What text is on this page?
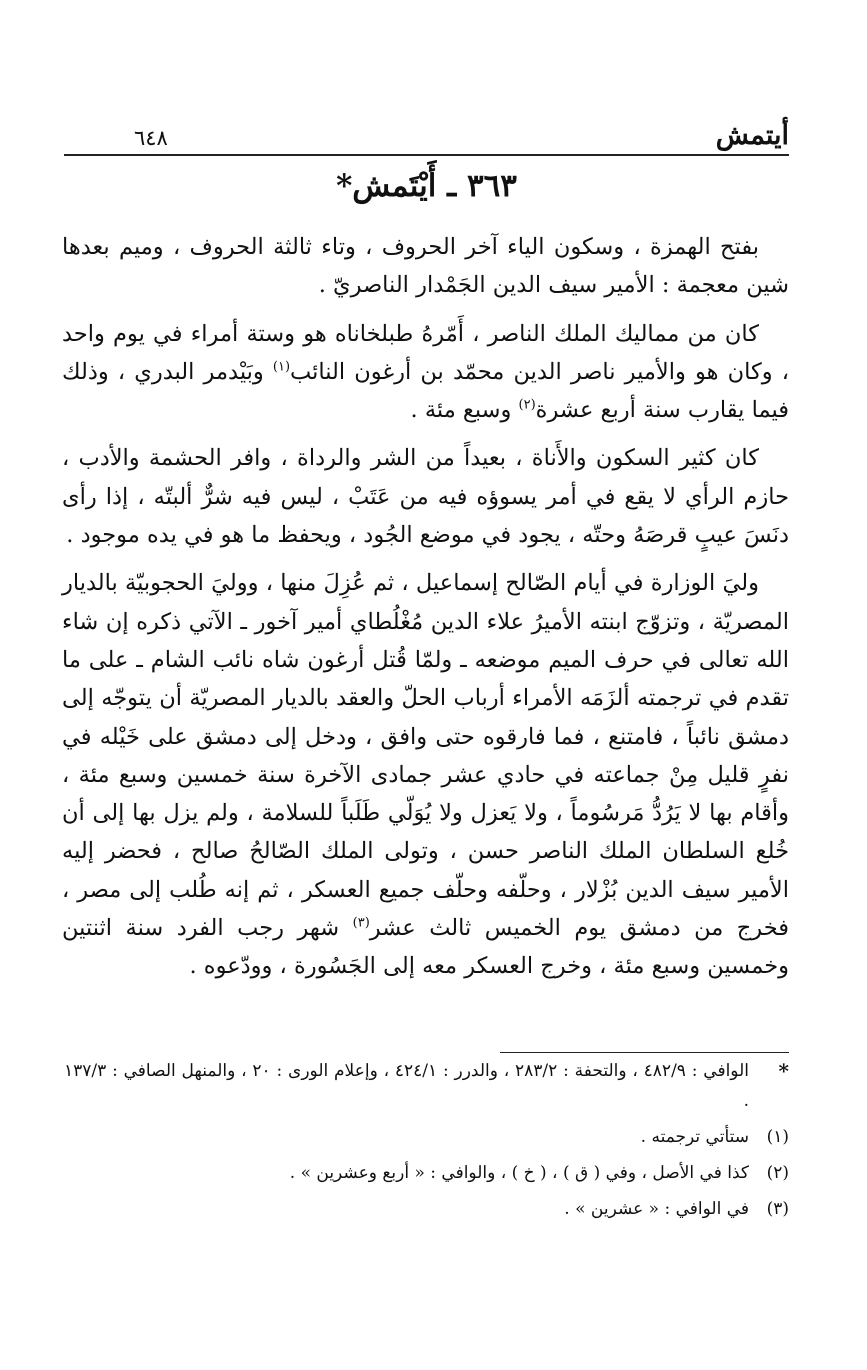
أيتمش
٦٤٨
٣٦٣ ـ أَيْتَمش*

بفتح الهمزة ، وسكون الياء آخر الحروف ، وتاء ثالثة الحروف ، وميم بعدها شين معجمة : الأمير سيف الدين الجَمْدار الناصريّ .

كان من مماليك الملك الناصر ، أَمّرهُ طبلخاناه هو وستة أمراء في يوم واحد ، وكان هو والأمير ناصر الدين محمّد بن أرغون النائب$^{(١)}$ وبَيْدمر البدري ، وذلك فيما يقارب سنة أربع عشرة$^{(٢)}$ وسبع مئة .

كان كثير السكون والأَناة ، بعيداً من الشر والرداة ، وافر الحشمة والأدب ، حازم الرأي لا يقع في أمر يسوؤه فيه من عَتَبْ ، ليس فيه شرٌّ ألبتّه ، إذا رأى دنَسَ عيبٍ قرصَهُ وحتّه ، يجود في موضع الجُود ، ويحفظ ما هو في يده موجود .

وليَ الوزارة في أيام الصّالح إسماعيل ، ثم عُزِلَ منها ، ووليَ الحجوبيّة بالديار المصريّة ، وتزوّج ابنته الأميرُ علاء الدين مُغْلُطاي أمير آخور ـ الآتي ذكره إن شاء الله تعالى في حرف الميم موضعه ـ ولمّا قُتل أرغون شاه نائب الشام ـ على ما تقدم في ترجمته ألزَمَه الأمراء أرباب الحلّ والعقد بالديار المصريّة أن يتوجّه إلى دمشق نائباً ، فامتنع ، فما فارقوه حتى وافق ، ودخل إلى دمشق على خَيْله في نفرٍ قليل مِنْ جماعته في حادي عشر جمادى الآخرة سنة خمسين وسبع مئة ، وأقام بها لا يَرُدُّ مَرسُوماً ، ولا يَعزل ولا يُوَلّي طَلَباً للسلامة ، ولم يزل بها إلى أن خُلع السلطان الملك الناصر حسن ، وتولى الملك الصّالحُ صالح ، فحضر إليه الأمير سيف الدين بُزْلار ، وحلّفه وحلّف جميع العسكر ، ثم إنه طُلب إلى مصر ، فخرج من دمشق يوم الخميس ثالث عشر$^{(٣)}$ شهر رجب الفرد سنة اثنتين وخمسين وسبع مئة ، وخرج العسكر معه إلى الجَسُورة ، وودّعوه .

*
الوافي : ٤٨٢/٩ ، والتحفة : ٢٨٣/٢ ، والدرر : ٤٢٤/١ ، وإعلام الورى : ٢٠ ، والمنهل الصافي : ١٣٧/٣ .
(١)
ستأتي ترجمته .
(٢)
كذا في الأصل ، وفي ( ق ) ، ( خ ) ، والوافي : « أربع وعشرين » .
(٣)
في الوافي : « عشرين » .
